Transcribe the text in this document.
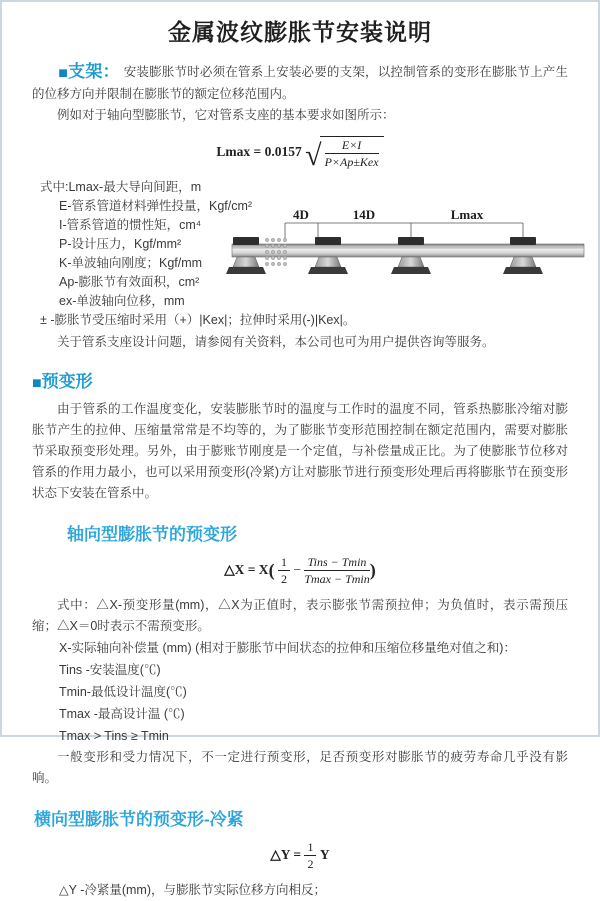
金属波纹膨胀节安装说明

■支架： 安装膨胀节时必须在管系上安装必要的支架，以控制管系的变形在膨胀节上产生的位移方向并限制在膨胀节的额定位移范围内。

例如对于轴向型膨胀节，它对管系支座的基本要求如图所示：

Lmax = 0.0157 √ $\frac{E\times I}{\text{P×Ap±Kex}}$
式中:Lmax-最大导向间距，m
E-管系管道材料弹性投量，Kgf/cm²
I-管系管道的惯性矩，cm⁴
P-设计压力，Kgf/mm²
K-单波轴向刚度；Kgf/mm
Ap-膨胀节有效面积，cm²
ex-单波轴向位移，mm
± -膨胀节受压缩时采用（+）|Kex|；拉伸时采用(-)|Kex|。
4D	14D	Lmax

关于管系支座设计问题，请参阅有关资料，本公司也可为用户提供咨询等服务。

■预变形

由于管系的工作温度变化，安装膨胀节时的温度与工作时的温度不同，管系热膨胀冷缩对膨胀节产生的拉伸、压缩量常常是不均等的，为了膨胀节变形范围控制在额定范围内，需要对膨胀节采取预变形处理。另外，由于膨账节刚度是一个定值，与补偿量成正比。为了使膨胀节位移对管系的作用力最小，也可以采用预变形(冷紧)方让对膨胀节进行预变形处理后再将膨胀节在预变形状态下安装在管系中。

轴向型膨胀节的预变形
△X = $X( \frac{1}{2} - \frac{\text{Tins − Tmin}}{Tmax - Tmin}$ )

式中：△X-预变形量(mm)，△X为正值时，表示膨张节需预拉伸；为负值时，表示需预压缩；△X＝0时表示不需预变形。

X-实际轴向补偿量 (mm) (相对于膨胀节中间状态的拉伸和压缩位移量绝对值之和)：
Tins -安装温度(℃)
Tmin-最低设计温度(℃)
Tmax -最高设计温 (℃)
Tmax > Tins ≥ Tmin

一般变形和受力情况下，不一定进行预变形，足否预变形对膨胀节的疲劳寿命几乎没有影响。

横向型膨胀节的预变形-冷紧
△Y = $\frac{1}{2}$ Y
△Y -冷紧量(mm)，与膨胀节实际位移方向相反；
